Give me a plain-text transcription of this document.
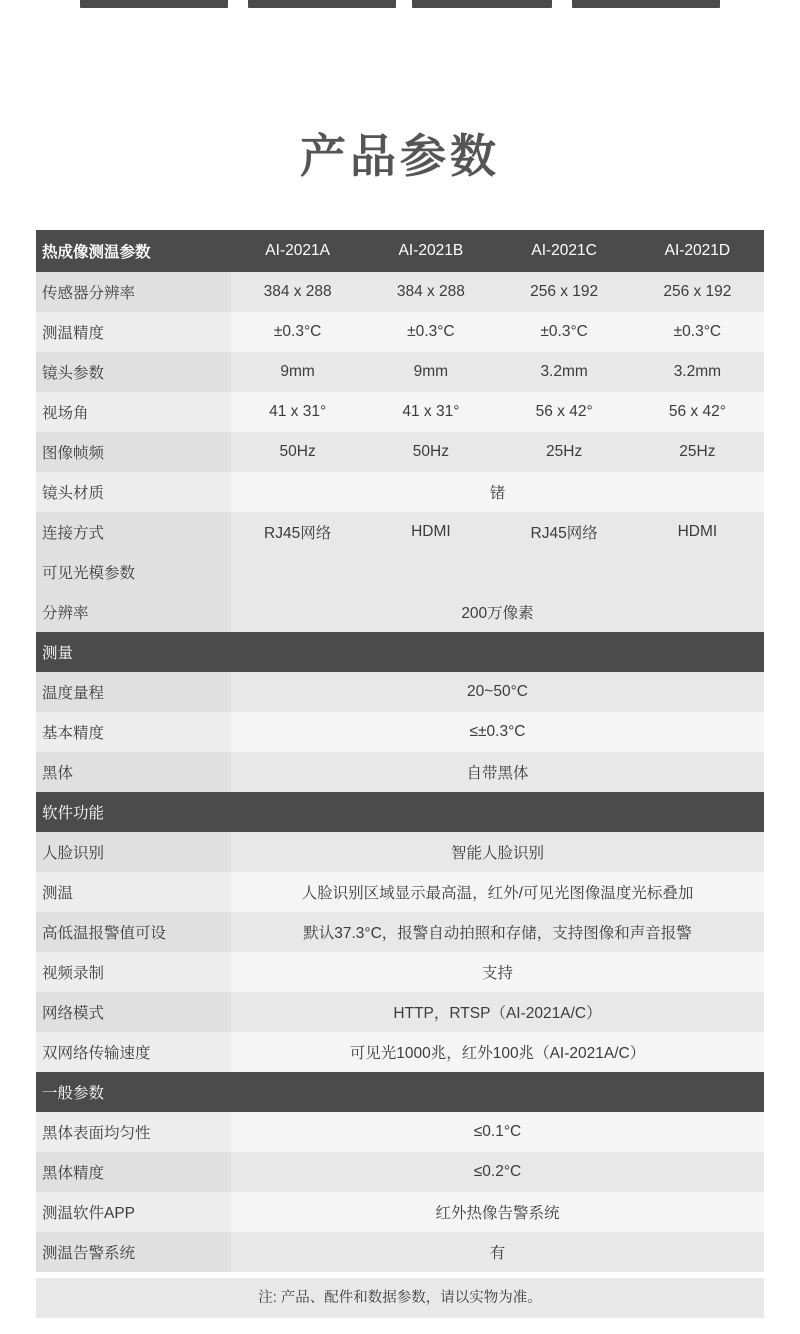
产品参数
热成像测温参数	AI-2021A	AI-2021B	AI-2021C	AI-2021D
传感器分辨率	384 x 288	384 x 288	256 x 192	256 x 192
测温精度	±0.3°C	±0.3°C	±0.3°C	±0.3°C
镜头参数	9mm	9mm	3.2mm	3.2mm
视场角	41 x 31°	41 x 31°	56 x 42°	56 x 42°
图像帧频	50Hz	50Hz	25Hz	25Hz
镜头材质	锗			
连接方式	RJ45网络	HDMI	RJ45网络	HDMI
可见光模参数				
分辨率	200万像素			
测量				
温度量程	20~50°C			
基本精度	≤±0.3°C			
黑体	自带黑体			
软件功能				
人脸识别	智能人脸识别			
测温	人脸识别区域显示最高温，红外/可见光图像温度光标叠加			
高低温报警值可设	默认37.3°C，报警自动拍照和存储，支持图像和声音报警			
视频录制	支持			
网络模式	HTTP，RTSP（AI-2021A/C）			
双网络传输速度	可见光1000兆，红外100兆（AI-2021A/C）			
一般参数				
黑体表面均匀性	≤0.1°C			
黑体精度	≤0.2°C			
测温软件APP	红外热像告警系统			
测温告警系统	有			
注: 产品、配件和数据参数，请以实物为准。
